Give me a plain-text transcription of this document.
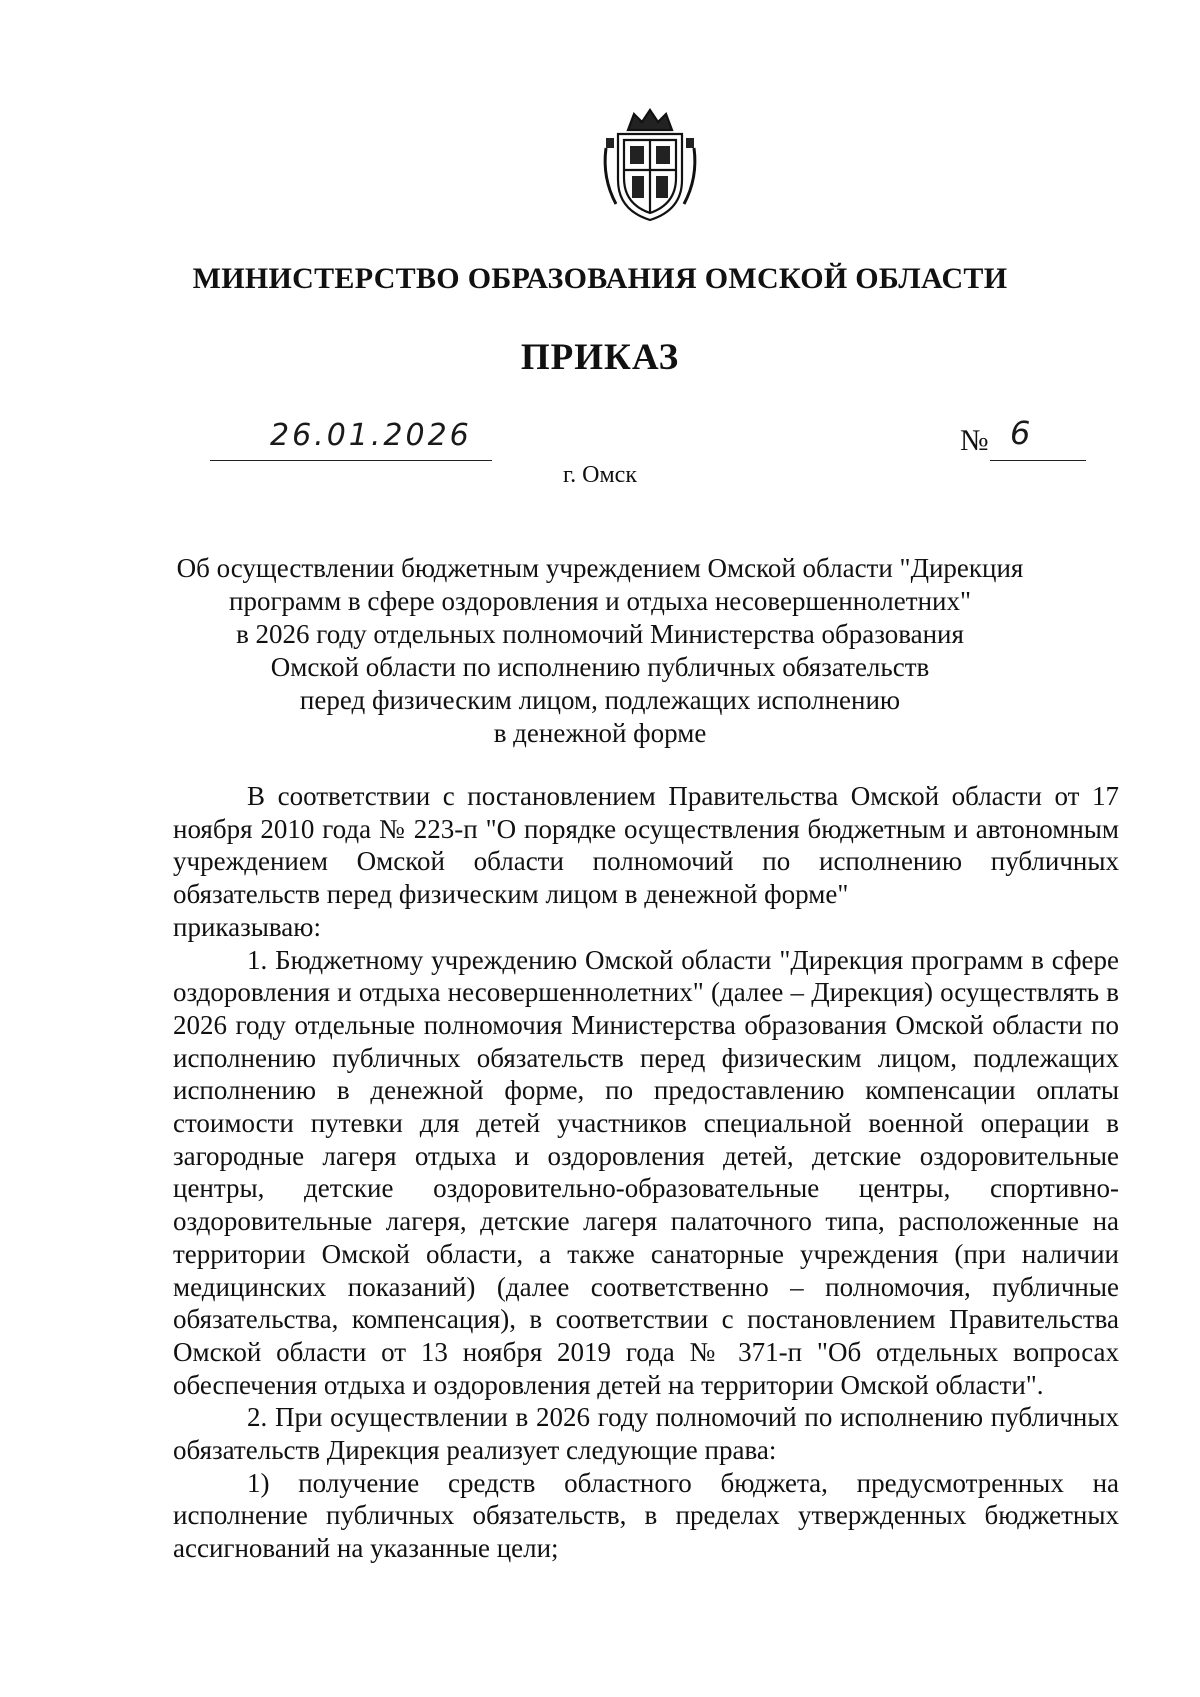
МИНИСТЕРСТВО ОБРАЗОВАНИЯ ОМСКОЙ ОБЛАСТИ
ПРИКАЗ
26.01.2026	№ 6
г. Омск
Об осуществлении бюджетным учреждением Омской области "Дирекция
программ в сфере оздоровления и отдыха несовершеннолетних"
в 2026 году отдельных полномочий Министерства образования
Омской области по исполнению публичных обязательств
перед физическим лицом, подлежащих исполнению
в денежной форме

В соответствии с постановлением Правительства Омской области от 17 ноября 2010 года № 223-п "О порядке осуществления бюджетным и автономным учреждением Омской области полномочий по исполнению публичных обязательств перед физическим лицом в денежной форме"

приказываю:

1. Бюджетному учреждению Омской области "Дирекция программ в сфере оздоровления и отдыха несовершеннолетних" (далее – Дирекция) осуществлять в 2026 году отдельные полномочия Министерства образования Омской области по исполнению публичных обязательств перед физическим лицом, подлежащих исполнению в денежной форме, по предоставлению компенсации оплаты стоимости путевки для детей участников специальной военной операции в загородные лагеря отдыха и оздоровления детей, детские оздоровительные центры, детские оздоровительно-образовательные центры, спортивно-оздоровительные лагеря, детские лагеря палаточного типа, расположенные на территории Омской области, а также санаторные учреждения (при наличии медицинских показаний) (далее соответственно – полномочия, публичные обязательства, компенсация), в соответствии с постановлением Правительства Омской области от 13 ноября 2019 года № 371-п "Об отдельных вопросах обеспечения отдыха и оздоровления детей на территории Омской области".

2. При осуществлении в 2026 году полномочий по исполнению публичных обязательств Дирекция реализует следующие права:

1) получение средств областного бюджета, предусмотренных на исполнение публичных обязательств, в пределах утвержденных бюджетных ассигнований на указанные цели;
